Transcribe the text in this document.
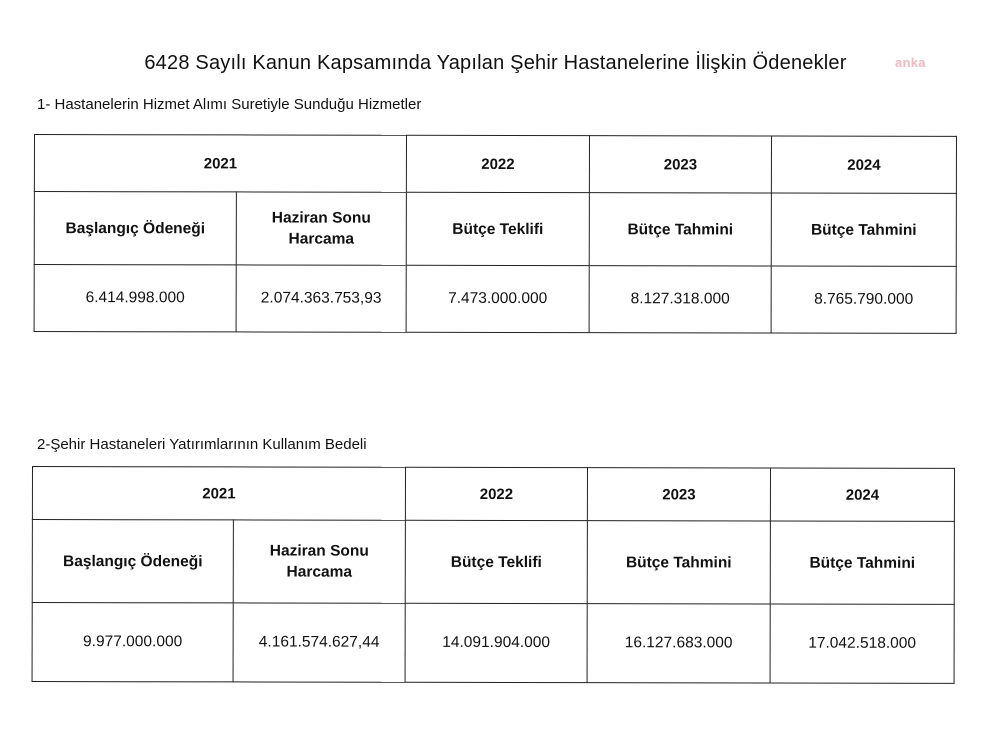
6428 Sayılı Kanun Kapsamında Yapılan Şehir Hastanelerine İlişkin Ödenekler	anka
1- Hastanelerin Hizmet Alımı Suretiyle Sunduğu Hizmetler
2021		2022	2023	2024
Başlangıç Ödeneği	Haziran Sonu Harcama	Bütçe Teklifi	Bütçe Tahmini	Bütçe Tahmini
6.414.998.000	2.074.363.753,93	7.473.000.000	8.127.318.000	8.765.790.000
2-Şehir Hastaneleri Yatırımlarının Kullanım Bedeli
2021		2022	2023	2024
Başlangıç Ödeneği	Haziran Sonu Harcama	Bütçe Teklifi	Bütçe Tahmini	Bütçe Tahmini
9.977.000.000	4.161.574.627,44	14.091.904.000	16.127.683.000	17.042.518.000
